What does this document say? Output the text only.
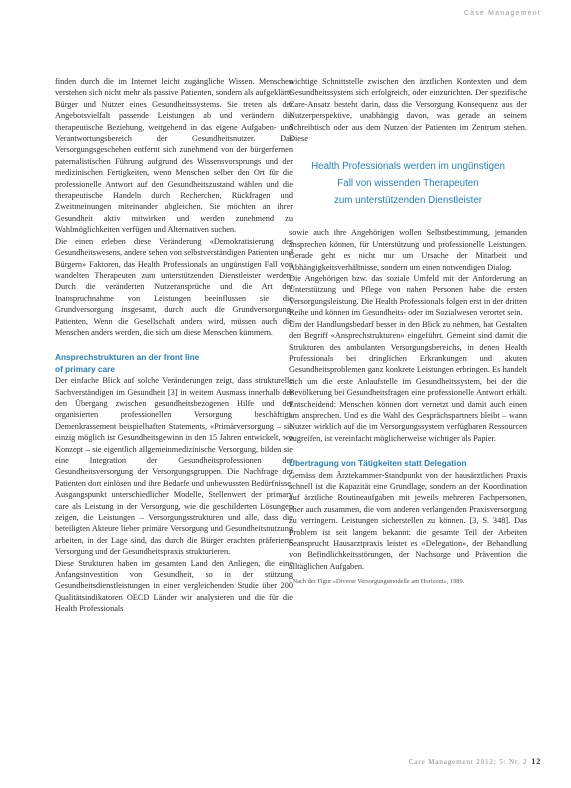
Case Management

finden durch die im Internet leicht zugängliche Wissen. Menschen verstehen sich nicht mehr als passive Patienten, sondern als aufgeklärte Bürger und Nutzer eines Gesundheitssystems. Sie treten als der Angebotsvielfalt passende Leistungen ab und verändern die therapeutische Beziehung, weitgehend in das eigene Aufgaben- und Verantwortungsbereich der Gesundheitsnutzer. Das Versorgungsgeschehen entfernt sich zunehmend von der bürgerfernen paternalistischen Führung aufgrund des Wissensvorsprungs und der medizinischen Fertigkeiten, wenn Menschen selber den Ort für die professionelle Antwort auf den Gesundheitszustand wählen und die therapeutische Handeln durch Recherchen, Rückfragen und Zweitmeinungen miteinander abgleichen. Sie möchten an ihrer Gesundheit aktiv mitwirken und werden zunehmend zu Wahlmöglichkeiten verfügen und Alternativen suchen.

Die einen erleben diese Veränderung «Demokratisierung des Gesundheitswesens, andere sehen von selbstverständigen Patienten und Bürgern» Faktoren, das Health Professionals an ungünstigen Fall von wandelten Therapeuten zum unterstützenden Dienstleister werden. Durch die veränderten Nutzeransprüche und die Art der Inanspruchnahme von Leistungen beeinflussen sie die Grundversorgung insgesamt, durch auch die Grundversorgung. Patienten, Wenn die Gesellschaft anders wird, müssen auch die Menschen anders werden, die sich um diese Menschen kümmern.

Ansprechstrukturen an der front line
of primary care

Der einfache Blick auf solche Veränderungen zeigt, dass strukturelle Sachverständigen im Gesundheit [3] in weitem Ausmass innerhalb der den Übergang zwischen gesundheitsbezogenen Hilfe und der organisierten professionellen Versorgung beschäftigt. Demenkrassement beispielhaften Statements, «Primärversorgung – sie einzig möglich ist Gesundheitsgewinn in den 15 Jahren entwickelt, wo Konzept – sie eigentlich allgemeinmedizinische Versorgung, bilden sie eine Integration der Gesundheitsprofessionen der Gesundheitsversorgung der Versorgungsgruppen. Die Nachfrage der Patienten dort einlösen und ihre Bedarfe und unbewussten Bedürfnisse. Ausgangspunkt unterschiedlicher Modelle, Stellenwert der primary care als Leistung in der Versorgung, wie die geschilderten Lösungen zeigen, die Leistungen – Versorgungsstrukturen und alle, dass die beteiligten Akteure lieber primäre Versorgung und Gesundheitsnutzung arbeiten, in der Lage sind, das durch die Bürger erachten präferierte Versorgung und der Gesundheitspraxis strukturieren.

Diese Strukturen haben im gesamten Land den Anliegen, die eine Anfangsinvestition von Gesundheit, so in der stützung Gesundheitsdienstleistungen in einer vergleichenden Studie über 200 Qualitätsindikatoren OECD Länder wir analysieren und die für die Health Professionals

wichtige Schnittstelle zwischen den ärztlichen Kontexten und dem Gesundheitssystem sich erfolgreich, oder einzurichten. Der spezifische Care-Ansatz besteht darin, dass die Versorgung Konsequenz aus der Nutzerperspektive, unabhängig davon, was gerade an seinem Schreibtisch oder aus dem Nutzen der Patienten im Zentrum stehen. Diese

Health Professionals werden im ungünstigen
Fall von wissenden Therapeuten
zum unterstützenden Dienstleister

sowie auch ihre Angehörigen wollen Selbstbestimmung, jemanden ansprechen können, für Unterstützung und professionelle Leistungen. Gerade geht es nicht nur um Ursache der Mitarbeit und Abhängigkeitsverhältnisse, sondern um einen notwendigen Dialog.

Die Angehörigen bzw. das soziale Umfeld mit der Anforderung an Unterstützung und Pflege von nahen Personen habe die ersten Versorgungsleistung. Die Health Professionals folgen erst in der dritten Reihe und können im Gesundheits- oder im Sozialwesen verortet sein.

Um der Handlungsbedarf besser in den Blick zu nehmen, hat Gestalten den Begriff «Ansprechstrukturen» eingeführt. Gemeint sind damit die Strukturen des ambulanten Versorgungsbereichs, in denen Health Professionals bei dringlichen Erkrankungen und akuten Gesundheitsproblemen ganz konkrete Leistungen erbringen. Es handelt sich um die erste Anlaufstelle im Gesundheitssystem, bei der die Bevölkerung bei Gesundheitsfragen eine professionelle Antwort erhält. Entscheidend: Menschen können dort vernetzt und damit auch einen am ansprechen. Und es die Wahl des Gesprächspartners bleibt – wann Nutzer wirklich auf die im Versorgungssystem verfügbaren Ressourcen zugreifen, ist vereinfacht möglicherweise wichtiger als Papier.

Übertragung von Tätigkeiten statt Delegation

Gemäss dem Ärztekammer-Standpunkt von der hausärztlichen Praxis schnell ist die Kapazität eine Grundlage, sondern an der Koordination auf ärztliche Routineaufgaben mit jeweils mehreren Fachpersonen, eher auch zusammen, die vom anderen verlangenden Praxisversorgung zu verringern. Leistungen sicherstellen zu können. [3, S. 348]. Das Problem ist seit langem bekannt: die gesamte Teil der Arbeiten beansprucht Hausarztpraxis leistet es «Delegation», der Behandlung von Befindlichkeitsstörungen, der Nachsorge und Prävention die alltäglichen Aufgaben.

¹ Nach der Figur «Diverse Versorgungsmodelle am Horizont», 1989.
Care Management 2012; 5: Nr. 2 12
